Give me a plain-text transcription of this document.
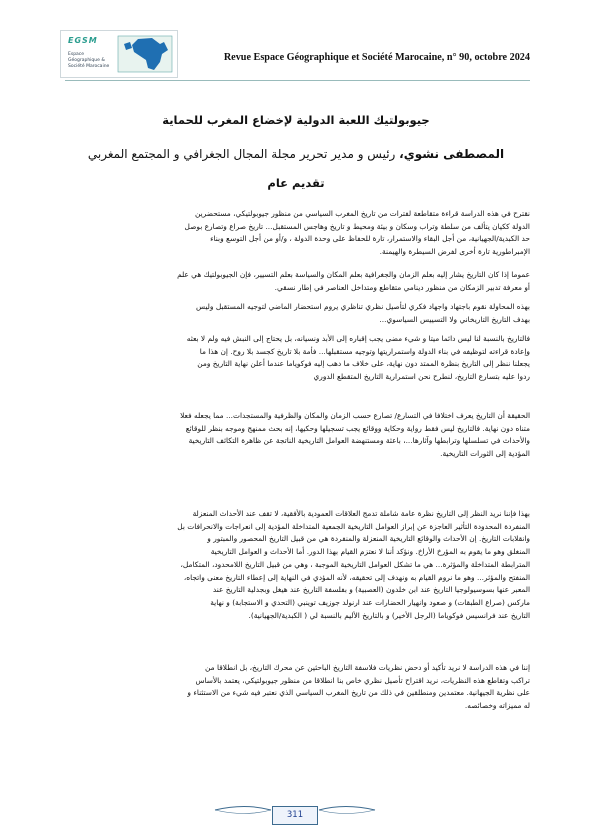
EGSM
Espace Géographique & Société Marocaine
Revue Espace Géographique et Société Marocaine, n° 90, octobre 2024
جيوبولتيك اللعبة الدولية لإخضاع المغرب للحماية
المصطفى نشوي، رئيس و مدير تحرير مجلة المجال الجغرافي و المجتمع المغربي
تقديم عام
نقترح في هذه الدراسة قراءة متقاطعة لفترات من تاريخ المغرب السياسي من منظور جيوبولتيكي، مستحضرين
الدولة ككيان يتألف من سلطة وتراب وسكان و بيئة ومحيط و تاريخ وهاجس المستقبل... تاريخ صراع وتصارع بوصل
حد الكبدية/الجهيانية، من أجل البقاء والاستمرار، تارة للحفاظ على وحدة الدولة ، و/أو من أجل التوسع وبناء
الإمبراطورية تارة أخرى لفرض السيطرة والهيمنة.
عموما إذا كان التاريخ يشار إليه بعلم الزمان والجغرافية بعلم المكان والسياسة بعلم التسيير، فإن الجيوبولتيك هي علم
أو معرفة تدبير الزمكان من منظور دينامي متقاطع ومتداخل العناصر في إطار نسقي.
بهذه المحاولة نقوم باجتهاد واجهاد فكري لتأصيل نظري تناظري يروم استحضار الماضي لتوجيه المستقبل وليس
بهدف التاريخ التاريخاني ولا التسييس السياسوي...
فالتاريخ بالنسبة لنا ليس دائما ميتا و شيء مضى يجب إقباره إلى الأبد ونسيانه، بل يحتاج إلى النبش فيه ولم لا بعثه
وإعادة قراءته لتوظيفه في بناء الدولة واستمراريتها وتوجيه مستقبلها... فأمة بلا تاريخ كجسد بلا روح. إن هذا ما
يجعلنا ننظر إلى التاريخ بنظرة الممتد دون نهاية، على خلاف ما دهب إليه فوكوياما عندما أعلن نهاية التاريخ ومن
ردوا عليه بتسارع التاريخ، لنطرح نحن استمرارية التاريخ المتقطع الدوري
الحقيقة أن التاريخ يعرف اختلافا في التسارع/ تصارع حسب الزمان والمكان والظرفية والمستجدات... مما يجعله فعلا
متناه دون نهاية. فالتاريخ ليس فقط رواية وحكاية ووقائع يجب تسجيلها وحكيها، إنه بحث ممنهج وموجه بنظر للوقائع
والأحداث في تسلسلها وترابطها وآثارها...، باعثة ومستنهضة العوامل التاريخية الناتجة عن ظاهرة التكاثف التاريخية
المؤدية إلى الثورات التاريخية.
بهذا فإننا نريد النظر إلى التاريخ نظرة عامة شاملة تدمج العلاقات العمودية بالأفقية، لا تقف عند الأحداث المنعزلة
المنفردة المحدودة التأثير العاجزة عن إبراز العوامل التاريخية الجمعية المتداخلة المؤدية إلى انعراجات والانحرافات بل
وانقلابات التاريخ. إن الأحداث والوقائع التاريخية المنعزلة والمنفردة هي من قبيل التاريخ المحصور والمبتور و
المنغلق وهو ما يقوم به المؤرخ الأراخ. ونؤكد أننا لا نعتزم القيام بهذا الدور. أما الأحداث و العوامل التاريخية
المترابطة المتداخلة والمؤثرة... هي ما تشكل العوامل التاريخية الموجبة ، وهي من قبيل التاريخ اللامحدود، المتكامل،
المنفتح والمؤثر... وهو ما نروم القيام به ونهدف إلى تحقيقه، لأنه المؤدي في النهاية إلى إعطاء التاريخ معنى واتجاه،
المعبر عنها بسوسيولوجيا التاريخ عند ابن خلدون (العصبية) و بفلسفة التاريخ عند هيغل وبجدلية التاريخ عند
ماركس (صراع الطبقات) و صعود وانهيار الحضارات عند ارنولد جوزيف توينبي (التحدي و الاستجابة) و نهاية
التاريخ عند فرانسيس فوكوياما (الرجل الأخير) و بالتاريخ الأليم بالنسبة لي ( الكبدية/الجهيانية).
إننا في هذه الدراسة لا نريد تأكيد أو دحض نظريات فلاسفة التاريخ الباحثين عن محرك التاريخ، بل انطلاقا من
تراكب وتقاطع هذه النظريات، نريد اقتراح تأصيل نظري خاص بنا انطلاقا من منظور جيوبولتيكي، يعتمد بالأساس
على نظرية الجيهانية. معتمدين ومنطلقين في ذلك من تاريخ المغرب السياسي الذي نعتبر فيه شيء من الاستثناء و
له مميزاته وخصائصه.
311
